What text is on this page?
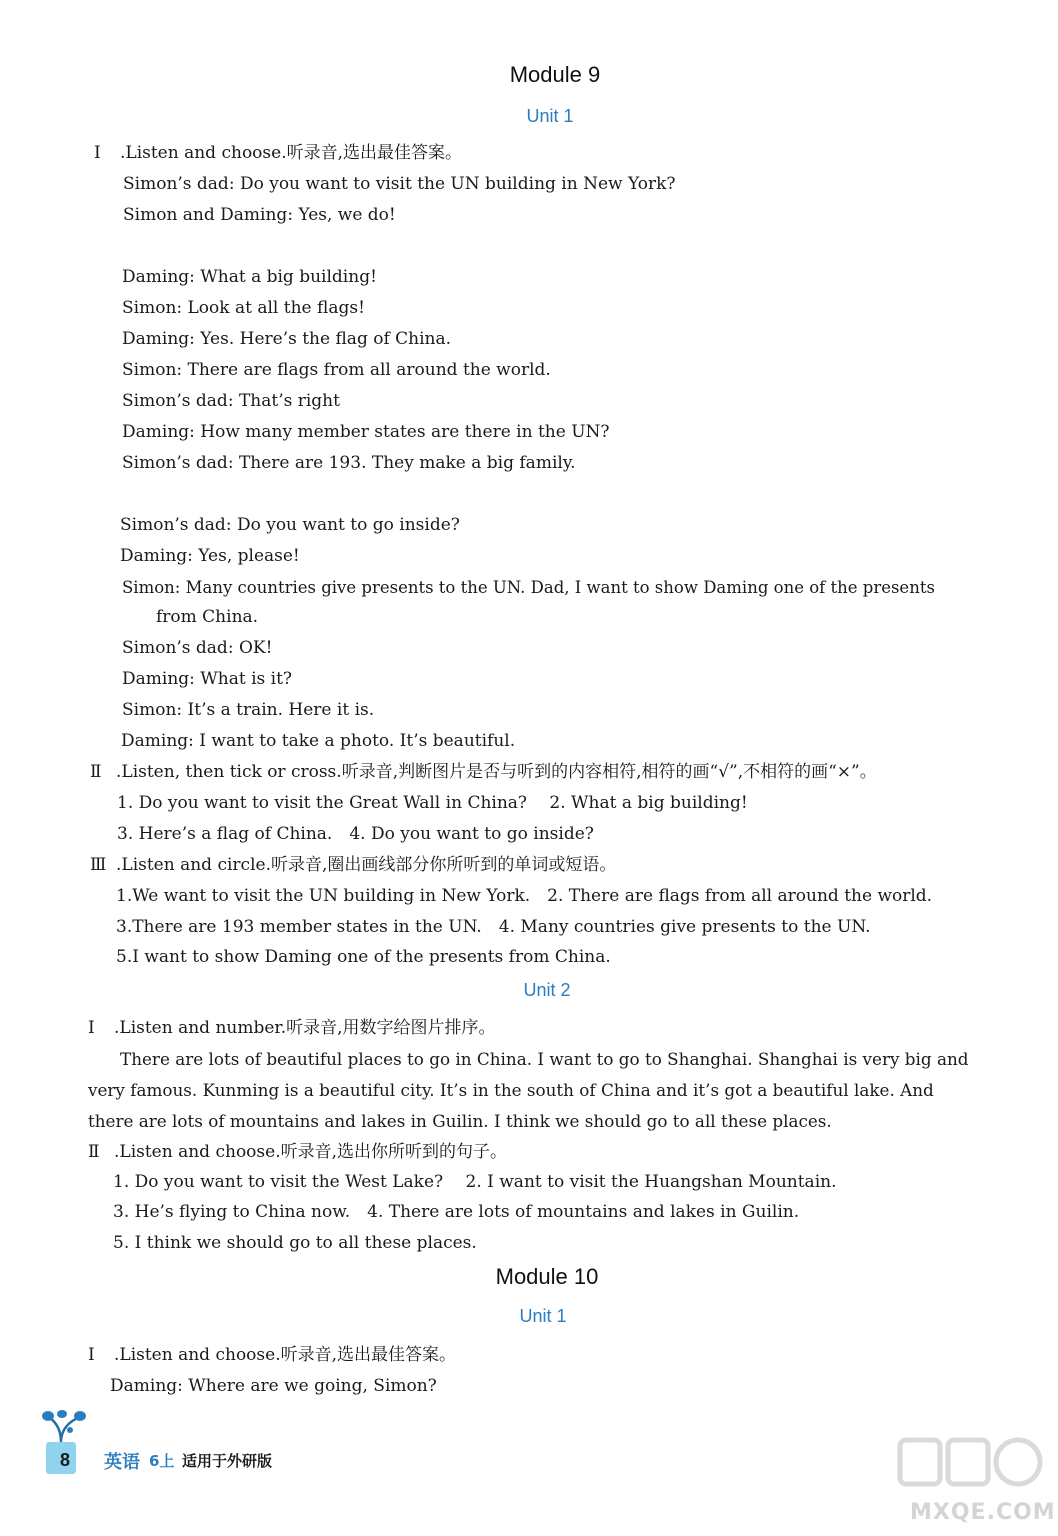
Module 9
Unit 1
Ⅰ .Listen and choose.听录音,选出最佳答案。
Simon’s dad: Do you want to visit the UN building in New York?
Simon and Daming: Yes, we do!
Daming: What a big building!
Simon: Look at all the flags!
Daming: Yes. Here’s the flag of China.
Simon: There are flags from all around the world.
Simon’s dad: That’s right
Daming: How many member states are there in the UN?
Simon’s dad: There are 193. They make a big family.
Simon’s dad: Do you want to go inside?
Daming: Yes, please!
Simon: Many countries give presents to the UN. Dad, I want to show Daming one of the presents
from China.
Simon’s dad: OK!
Daming: What is it?
Simon: It’s a train. Here it is.
Daming: I want to take a photo. It’s beautiful.
Ⅱ .Listen, then tick or cross.听录音,判断图片是否与听到的内容相符,相符的画“√”,不相符的画“×”。
1. Do you want to visit the Great Wall in China?　 2. What a big building!
3. Here’s a flag of China.　4. Do you want to go inside?
Ⅲ .Listen and circle.听录音,圈出画线部分你所听到的单词或短语。
1.We want to visit the UN building in New York.　2. There are flags from all around the world.
3.There are 193 member states in the UN.　4. Many countries give presents to the UN.
5.I want to show Daming one of the presents from China.
Unit 2
Ⅰ .Listen and number.听录音,用数字给图片排序。
There are lots of beautiful places to go in China. I want to go to Shanghai. Shanghai is very big and
very famous. Kunming is a beautiful city. It’s in the south of China and it’s got a beautiful lake. And
there are lots of mountains and lakes in Guilin. I think we should go to all these places.
Ⅱ .Listen and choose.听录音,选出你所听到的句子。
1. Do you want to visit the West Lake?　 2. I want to visit the Huangshan Mountain.
3. He’s flying to China now.　4. There are lots of mountains and lakes in Guilin.
5. I think we should go to all these places.
Module 10
Unit 1
Ⅰ .Listen and choose.听录音,选出最佳答案。
Daming: Where are we going, Simon?
8 英语 6上 适用于外研版
MXQE.COM
